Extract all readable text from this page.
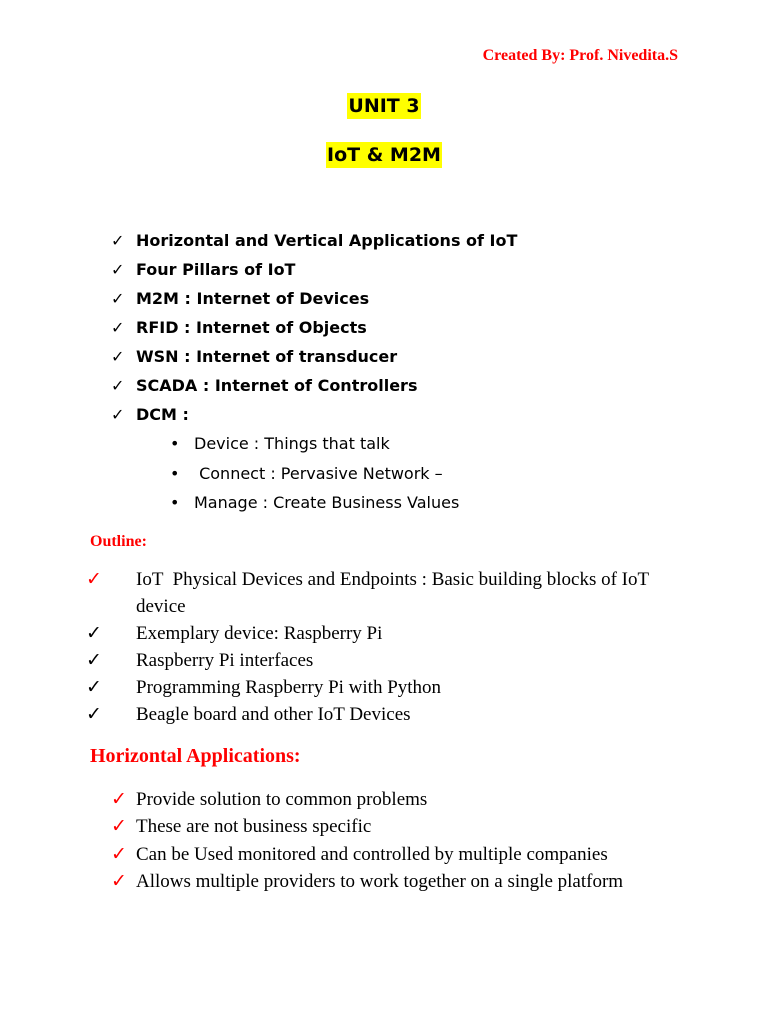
Created By: Prof. Nivedita.S
UNIT 3
IoT & M2M
✓ Horizontal and Vertical Applications of IoT
✓ Four Pillars of IoT
✓ M2M : Internet of Devices
✓ RFID : Internet of Objects
✓ WSN : Internet of transducer
✓ SCADA : Internet of Controllers
✓ DCM :
• Device : Things that talk
• Connect : Pervasive Network –
• Manage : Create Business Values
Outline:
✓ IoT  Physical Devices and Endpoints : Basic building blocks of IoT device
✓ Exemplary device: Raspberry Pi
✓ Raspberry Pi interfaces
✓ Programming Raspberry Pi with Python
✓ Beagle board and other IoT Devices
Horizontal Applications:
✓ Provide solution to common problems
✓ These are not business specific
✓ Can be Used monitored and controlled by multiple companies
✓ Allows multiple providers to work together on a single platform
